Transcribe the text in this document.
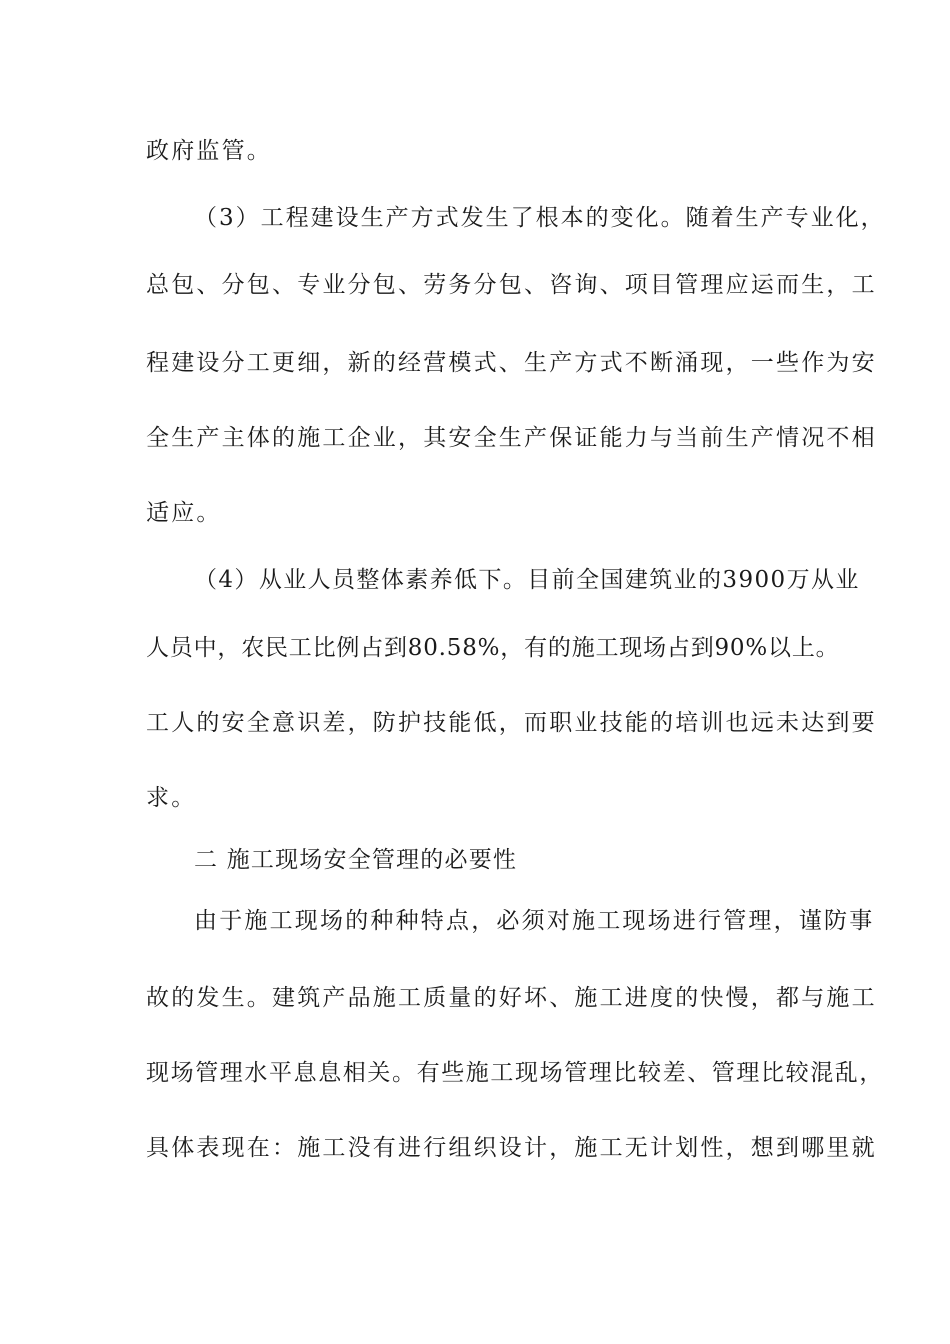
政府监管。
（3）工程建设生产方式发生了根本的变化。随着生产专业化，
总包、分包、专业分包、劳务分包、咨询、项目管理应运而生，工
程建设分工更细，新的经营模式、生产方式不断涌现，一些作为安
全生产主体的施工企业，其安全生产保证能力与当前生产情况不相
适应。
（4）从业人员整体素养低下。目前全国建筑业的3900万从业
人员中，农民工比例占到80.58%，有的施工现场占到90%以上。
工人的安全意识差，防护技能低，而职业技能的培训也远未达到要
求。
二 施工现场安全管理的必要性
由于施工现场的种种特点，必须对施工现场进行管理，谨防事
故的发生。建筑产品施工质量的好坏、施工进度的快慢，都与施工
现场管理水平息息相关。有些施工现场管理比较差、管理比较混乱，
具体表现在：施工没有进行组织设计，施工无计划性，想到哪里就
